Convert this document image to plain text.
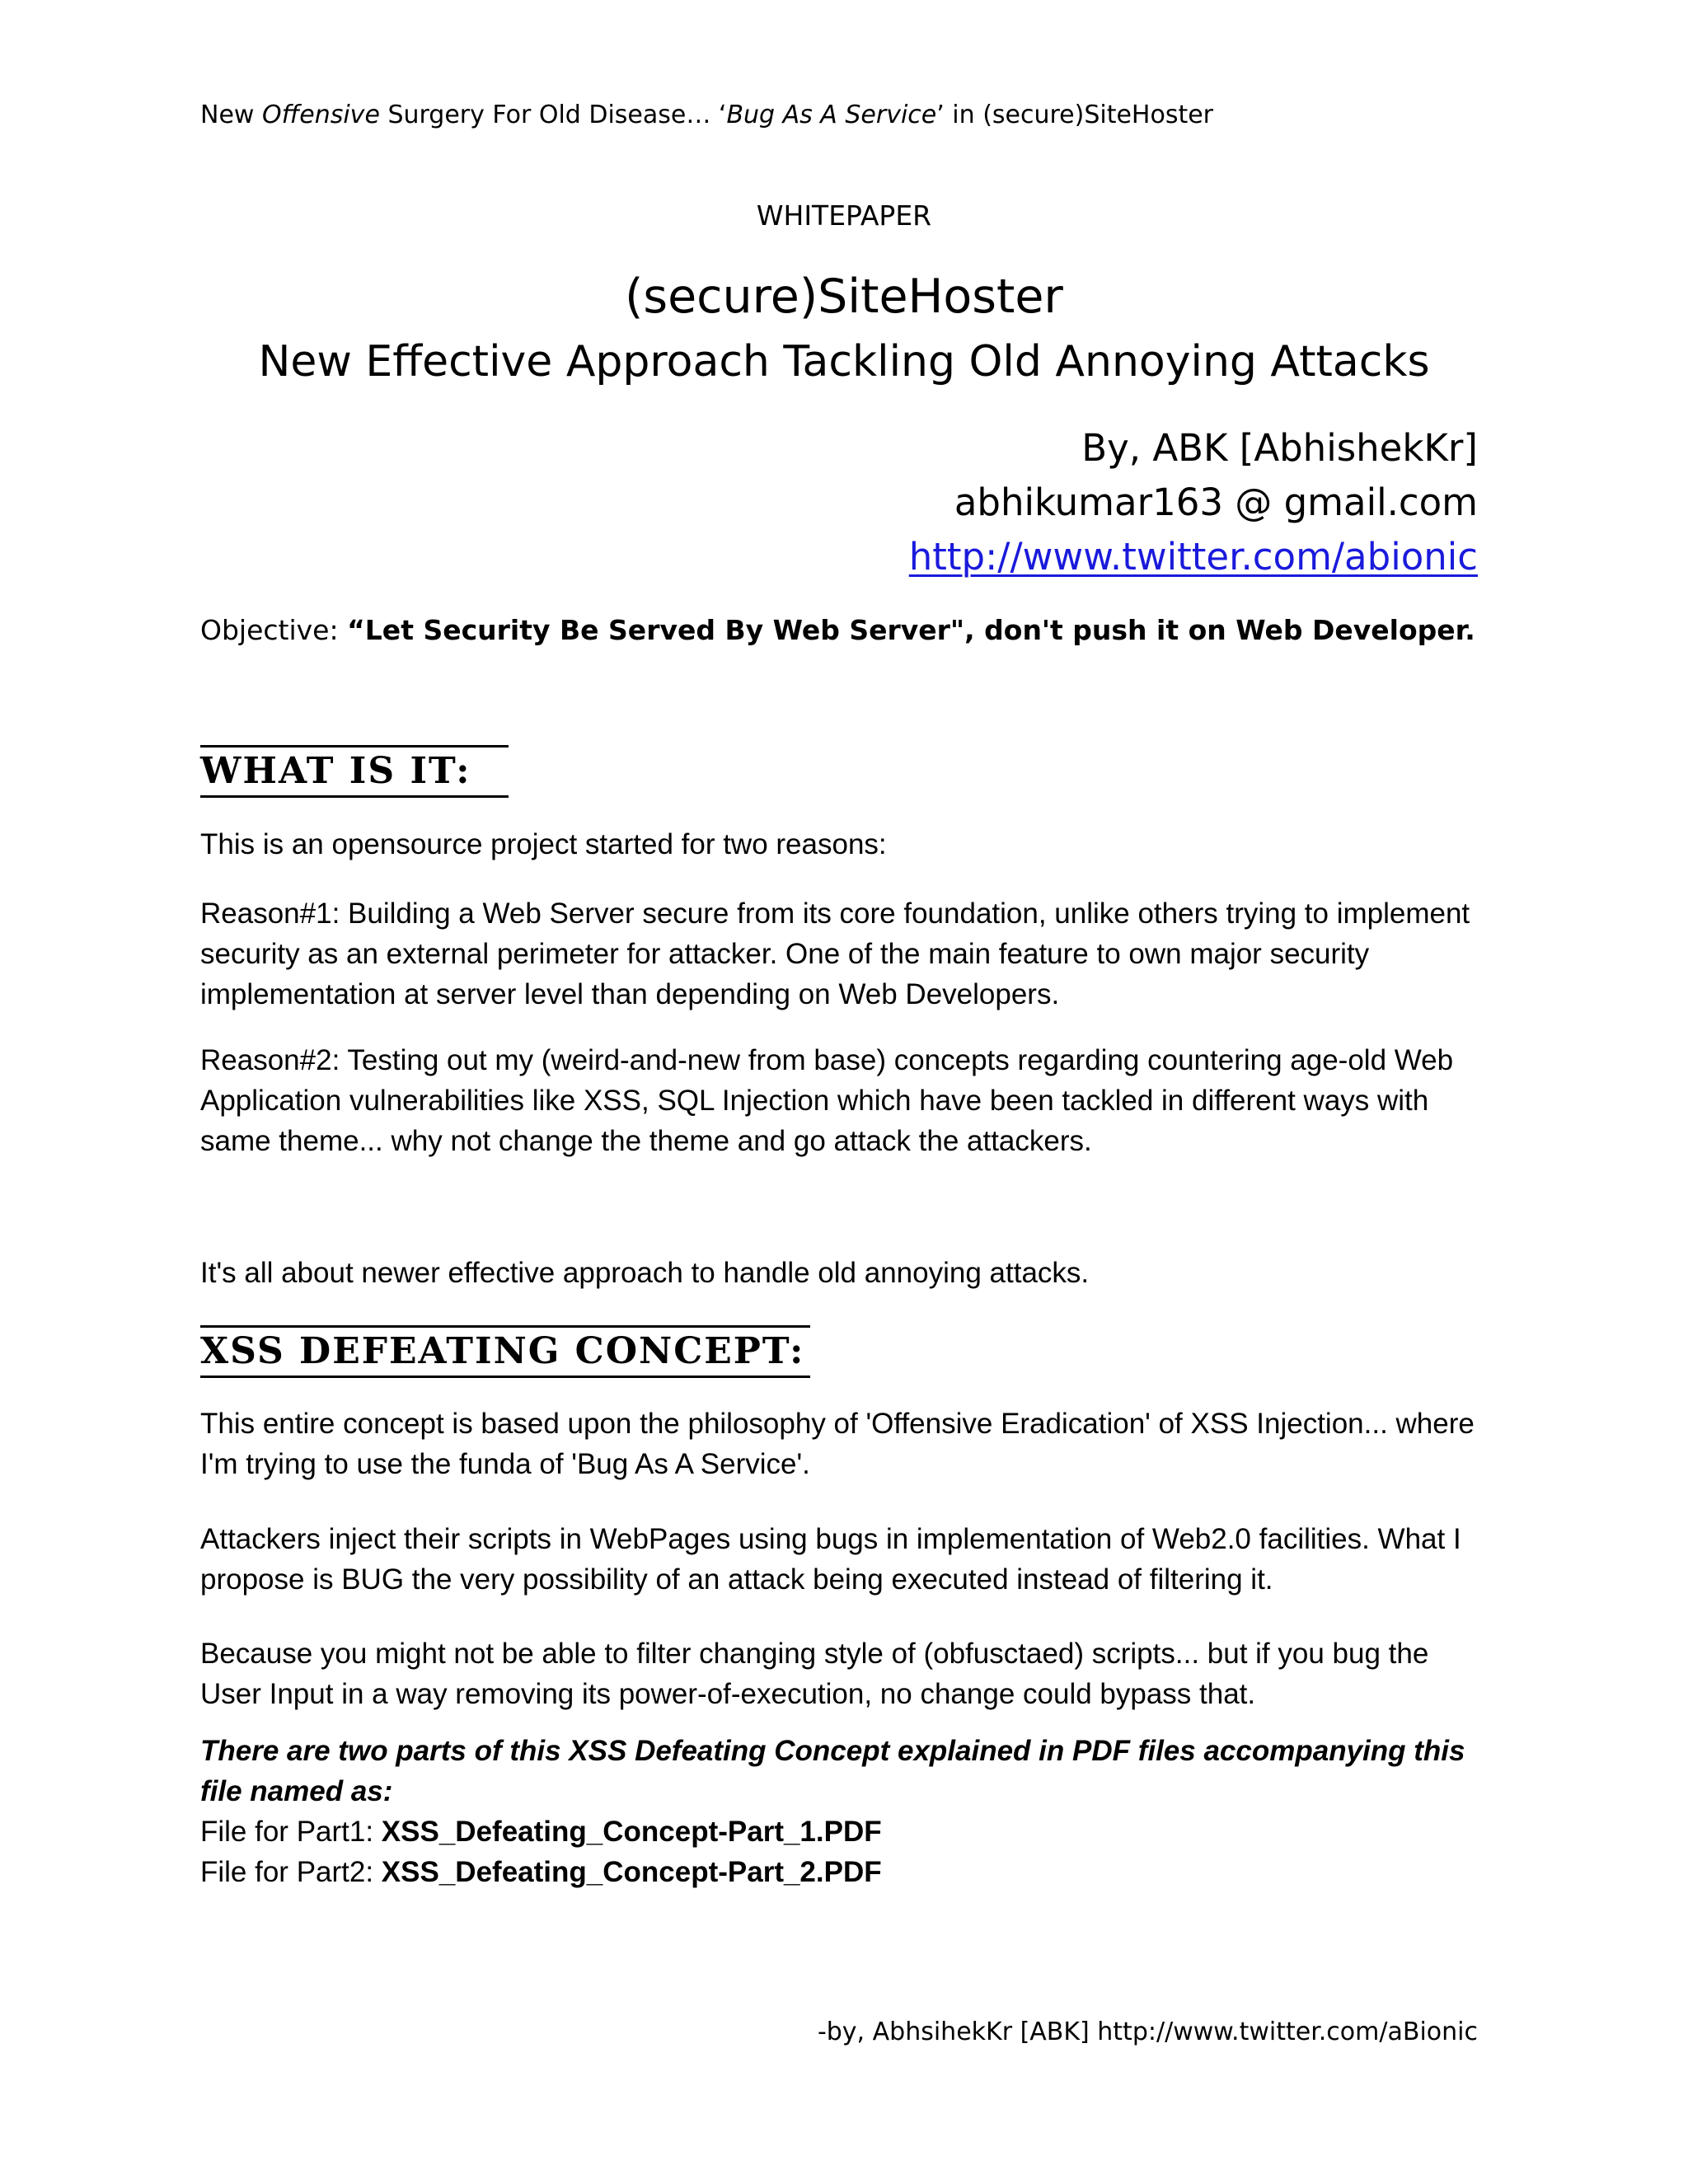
New Offensive Surgery For Old Disease… ‘Bug As A Service’ in (secure)SiteHoster
WHITEPAPER
(secure)SiteHoster
New Effective Approach Tackling Old Annoying Attacks
By, ABK [AbhishekKr]
abhikumar163 @ gmail.com
http://www.twitter.com/abionic
Objective: “Let Security Be Served By Web Server", don't push it on Web Developer.
WHAT IS IT:
This is an opensource project started for two reasons:
Reason#1: Building a Web Server secure from its core foundation, unlike others trying to implement security as an external perimeter for attacker. One of the main feature to own major security implementation at server level than depending on Web Developers.
Reason#2: Testing out my (weird-and-new from base) concepts regarding countering age-old Web Application vulnerabilities like XSS, SQL Injection which have been tackled in different ways with same theme... why not change the theme and go attack the attackers.
It's all about newer effective approach to handle old annoying attacks.
XSS DEFEATING CONCEPT:
This entire concept is based upon the philosophy of 'Offensive Eradication' of XSS Injection... where I'm trying to use the funda of 'Bug As A Service'.
Attackers inject their scripts in WebPages using bugs in implementation of Web2.0 facilities. What I propose is BUG the very possibility of an attack being executed instead of filtering it.
Because you might not be able to filter changing style of (obfusctaed) scripts... but if you bug the User Input in a way removing its power-of-execution, no change could bypass that.
There are two parts of this XSS Defeating Concept explained in PDF files accompanying this file named as:
File for Part1: XSS_Defeating_Concept-Part_1.PDF
File for Part2: XSS_Defeating_Concept-Part_2.PDF
-by, AbhsihekKr [ABK] http://www.twitter.com/aBionic
